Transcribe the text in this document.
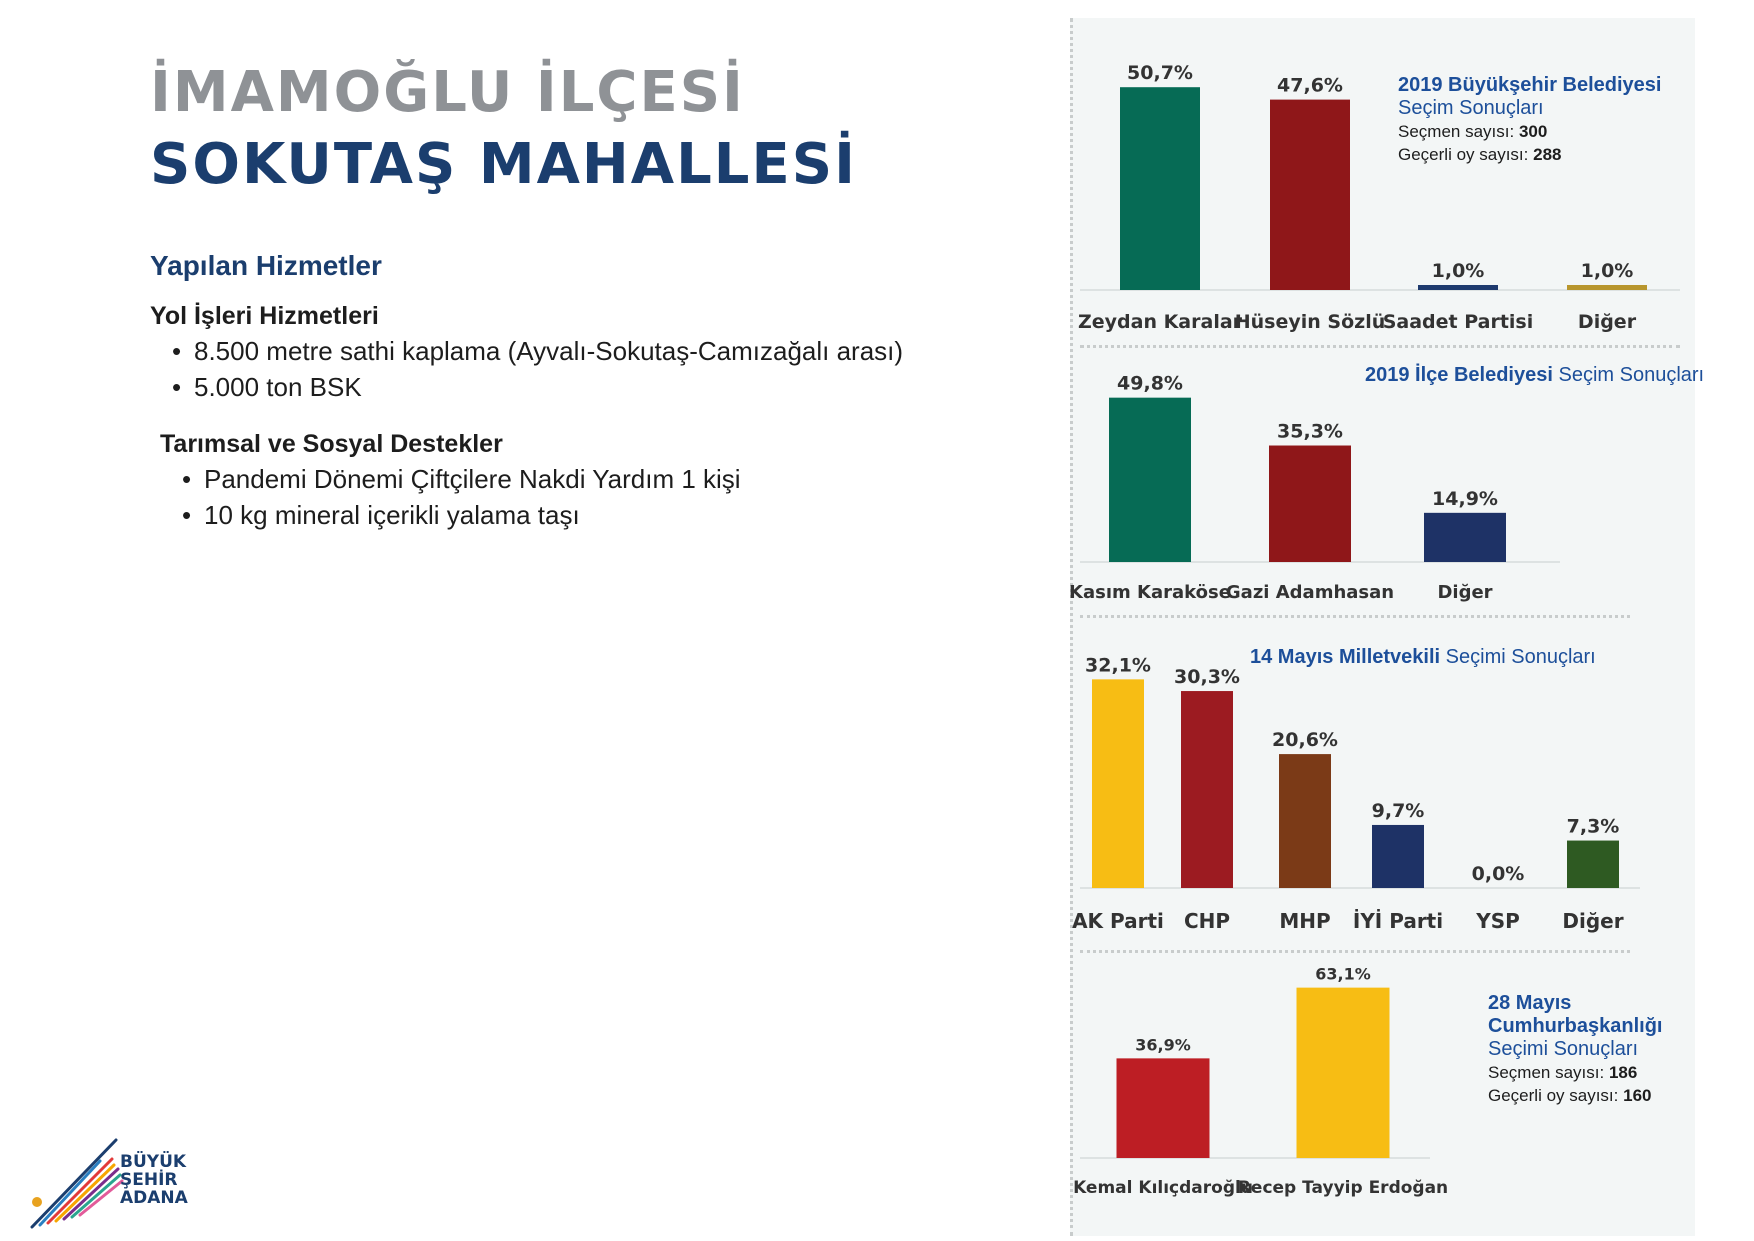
İMAMOĞLU İLÇESİ
SOKUTAŞ MAHALLESİ
Yapılan Hizmetler
Yol İşleri Hizmetleri
• 8.500 metre sathi kaplama (Ayvalı-Sokutaş-Camızağalı arası)
• 5.000 ton BSK
Tarımsal ve Sosyal Destekler
• Pandemi Dönemi Çiftçilere Nakdi Yardım 1 kişi
• 10 kg mineral içerikli yalama taşı
BÜYÜK
ŞEHİR
ADANA
2019 Büyükşehir Belediyesi
Seçim Sonuçları
Seçmen sayısı: 300
Geçerli oy sayısı: 288
2019 İlçe Belediyesi Seçim Sonuçları
14 Mayıs Milletvekili Seçimi Sonuçları
28 Mayıs
Cumhurbaşkanlığı
Seçimi Sonuçları
Seçmen sayısı: 186
Geçerli oy sayısı: 160
50,7%
Zeydan Karalar
47,6%
Hüseyin Sözlü
1,0%
Saadet Partisi
1,0%
Diğer
49,8%
Kasım Karaköse
35,3%
Gazi Adamhasan
14,9%
Diğer
32,1%
AK Parti
30,3%
CHP
20,6%
MHP
9,7%
İYİ Parti
0,0%
YSP
7,3%
Diğer
36,9%
Kemal Kılıçdaroğlu
63,1%
Recep Tayyip Erdoğan
